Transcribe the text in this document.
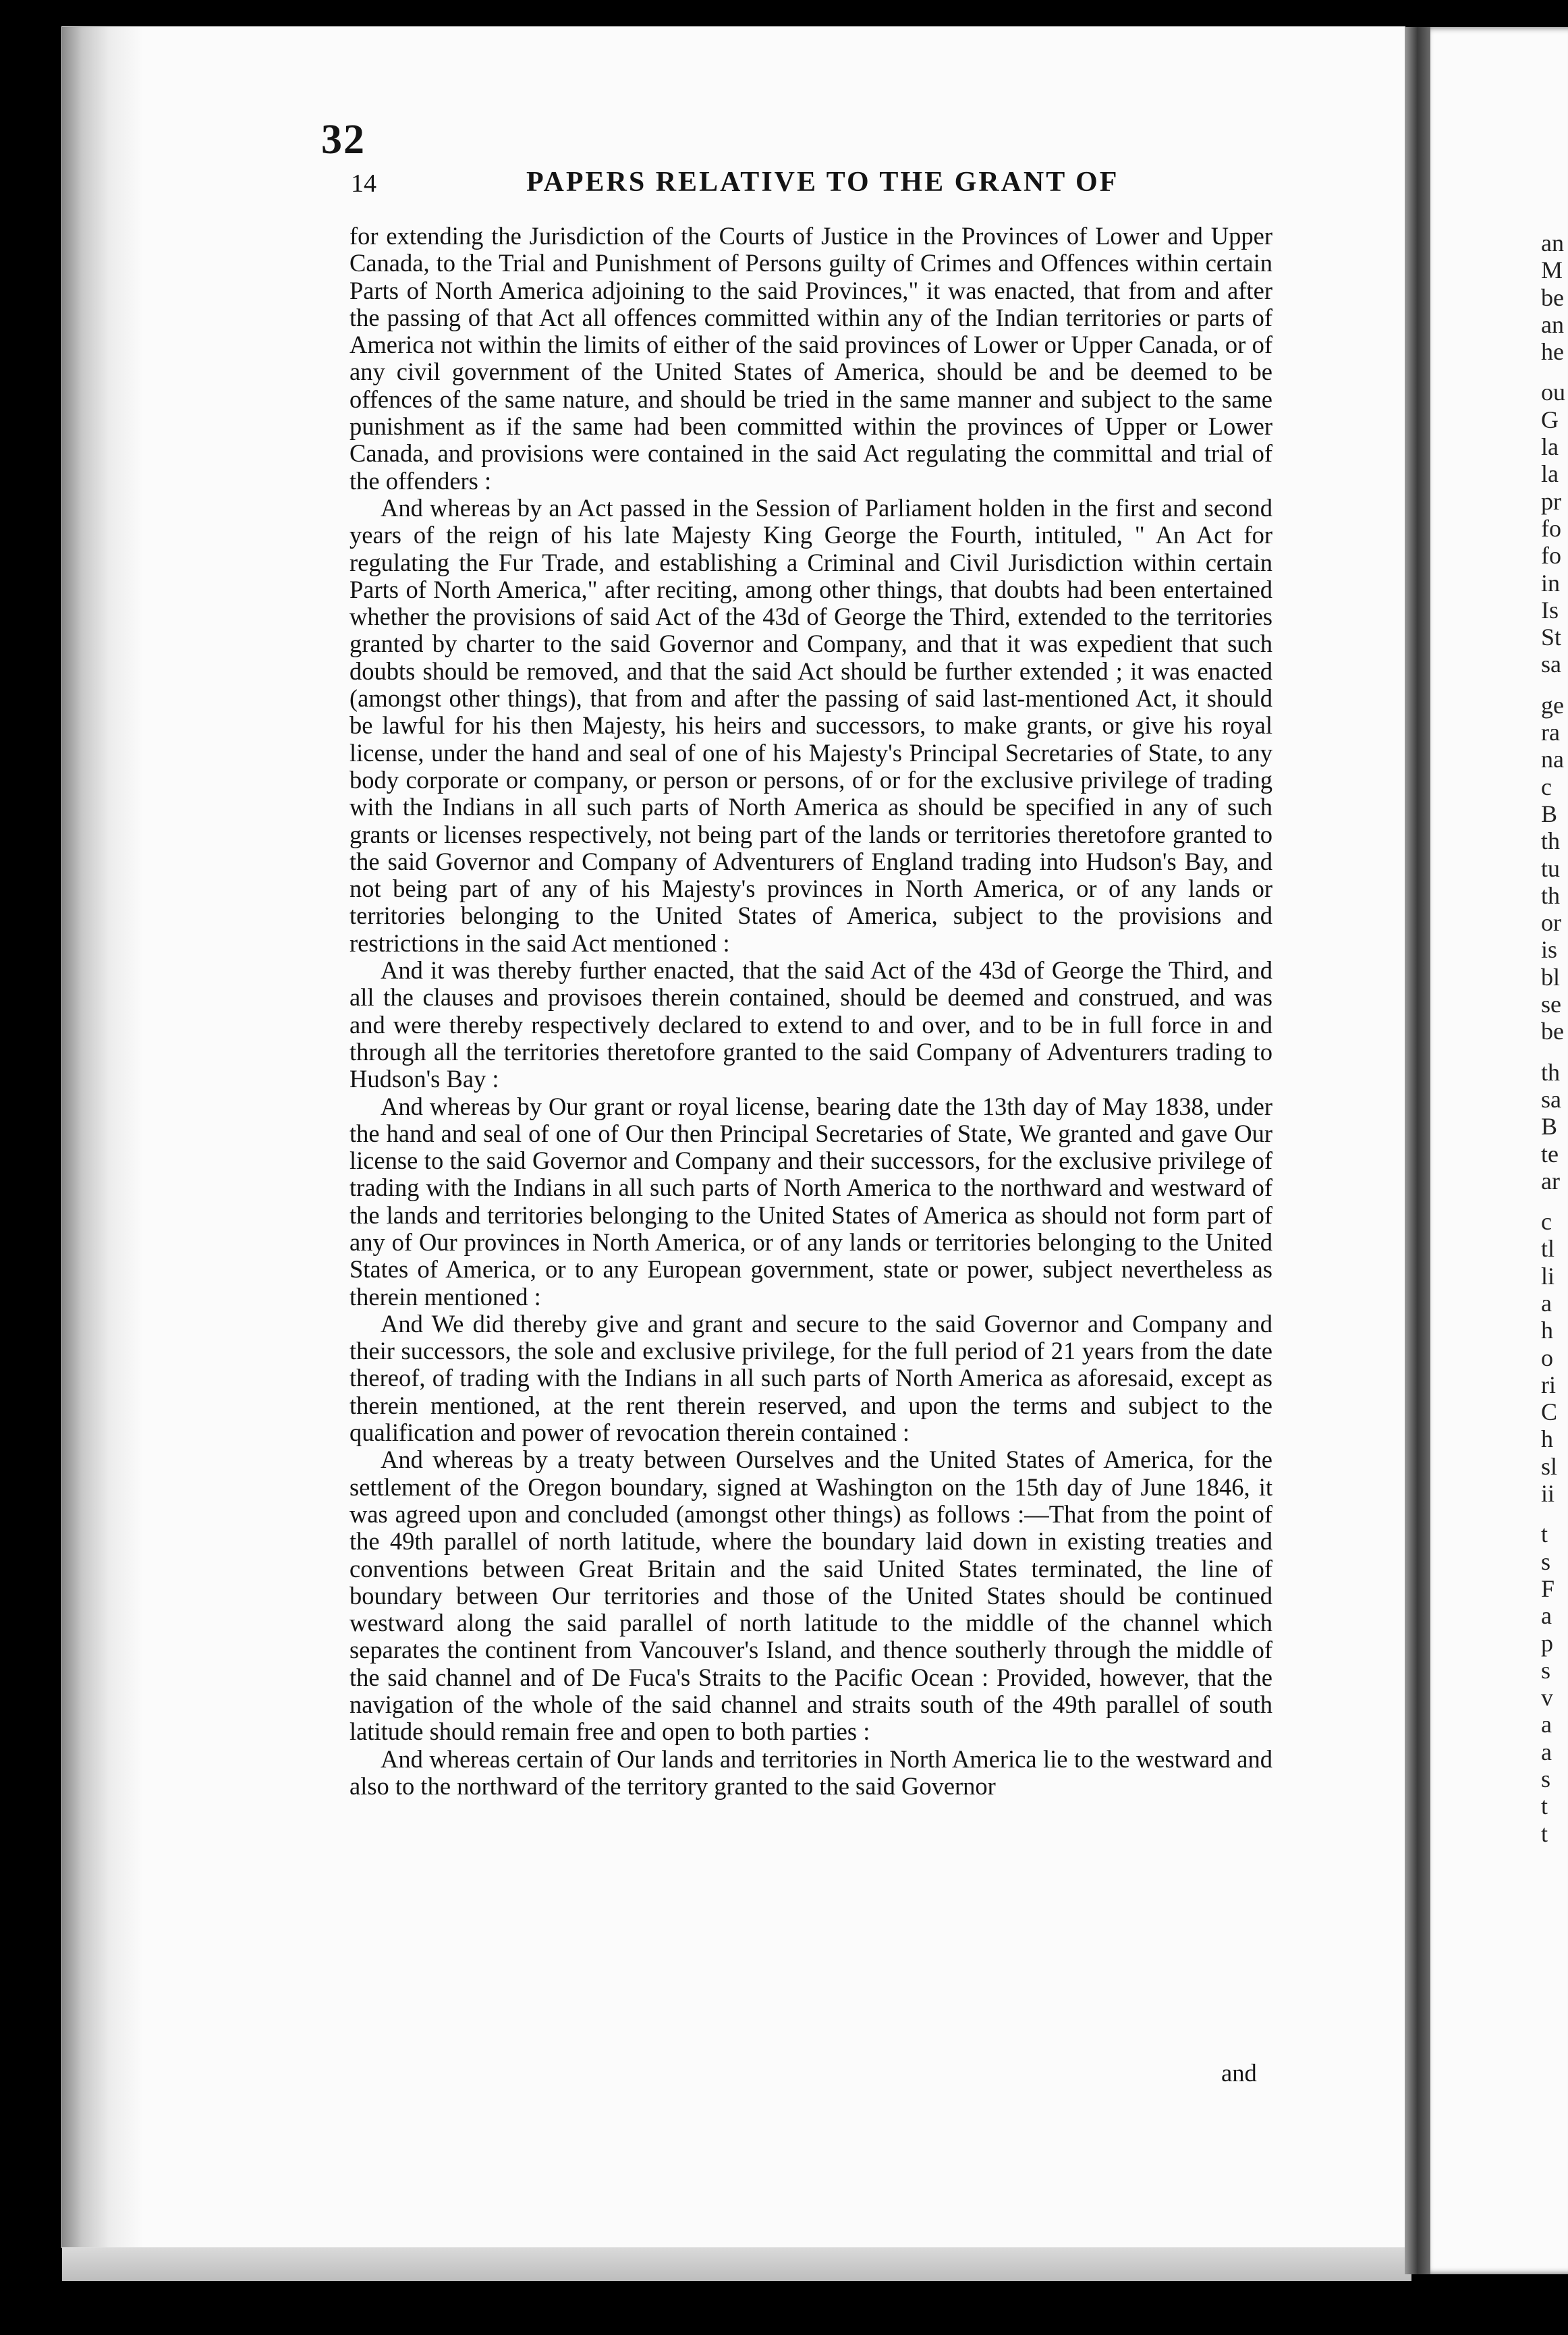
32
14	PAPERS RELATIVE TO THE GRANT OF

for extending the Jurisdiction of the Courts of Justice in the Provinces of Lower and Upper Canada, to the Trial and Punishment of Persons guilty of Crimes and Offences within certain Parts of North America adjoining to the said Provinces," it was enacted, that from and after the passing of that Act all offences committed within any of the Indian territories or parts of America not within the limits of either of the said provinces of Lower or Upper Canada, or of any civil government of the United States of America, should be and be deemed to be offences of the same nature, and should be tried in the same manner and subject to the same punishment as if the same had been committed within the provinces of Upper or Lower Canada, and provisions were contained in the said Act regulating the committal and trial of the offenders :

And whereas by an Act passed in the Session of Parliament holden in the first and second years of the reign of his late Majesty King George the Fourth, intituled, " An Act for regulating the Fur Trade, and establishing a Criminal and Civil Jurisdiction within certain Parts of North America," after reciting, among other things, that doubts had been entertained whether the provisions of said Act of the 43d of George the Third, extended to the territories granted by charter to the said Governor and Company, and that it was expedient that such doubts should be removed, and that the said Act should be further extended ; it was enacted (amongst other things), that from and after the passing of said last-mentioned Act, it should be lawful for his then Majesty, his heirs and successors, to make grants, or give his royal license, under the hand and seal of one of his Majesty's Principal Secretaries of State, to any body corporate or company, or person or persons, of or for the exclusive privilege of trading with the Indians in all such parts of North America as should be specified in any of such grants or licenses respectively, not being part of the lands or territories theretofore granted to the said Governor and Company of Adventurers of England trading into Hudson's Bay, and not being part of any of his Majesty's provinces in North America, or of any lands or territories belonging to the United States of America, subject to the provisions and restrictions in the said Act mentioned :

And it was thereby further enacted, that the said Act of the 43d of George the Third, and all the clauses and provisoes therein contained, should be deemed and construed, and was and were thereby respectively declared to extend to and over, and to be in full force in and through all the territories theretofore granted to the said Company of Adventurers trading to Hudson's Bay :

And whereas by Our grant or royal license, bearing date the 13th day of May 1838, under the hand and seal of one of Our then Principal Secretaries of State, We granted and gave Our license to the said Governor and Company and their successors, for the exclusive privilege of trading with the Indians in all such parts of North America to the northward and westward of the lands and territories belonging to the United States of America as should not form part of any of Our provinces in North America, or of any lands or territories belonging to the United States of America, or to any European government, state or power, subject nevertheless as therein mentioned :

And We did thereby give and grant and secure to the said Governor and Company and their successors, the sole and exclusive privilege, for the full period of 21 years from the date thereof, of trading with the Indians in all such parts of North America as aforesaid, except as therein mentioned, at the rent therein reserved, and upon the terms and subject to the qualification and power of revocation therein contained :

And whereas by a treaty between Ourselves and the United States of America, for the settlement of the Oregon boundary, signed at Washington on the 15th day of June 1846, it was agreed upon and concluded (amongst other things) as follows :—That from the point of the 49th parallel of north latitude, where the boundary laid down in existing treaties and conventions between Great Britain and the said United States terminated, the line of boundary between Our territories and those of the United States should be continued westward along the said parallel of north latitude to the middle of the channel which separates the continent from Vancouver's Island, and thence southerly through the middle of the said channel and of De Fuca's Straits to the Pacific Ocean : Provided, however, that the navigation of the whole of the said channel and straits south of the 49th parallel of south latitude should remain free and open to both parties :

And whereas certain of Our lands and territories in North America lie to the westward and also to the northward of the territory granted to the said Governor

and
an
M
be
an
he
ou
G
la
la
pr
fo
fo
in
Is
St
sa
ge
ra
na
c
B
th
tu
th
or
is
bl
se
be
th
sa
B
te
ar
c
tl
li
a
h
o
ri
C
h
sl
ii
t
s
F
a
p
s
v
a
a
s
t
t
